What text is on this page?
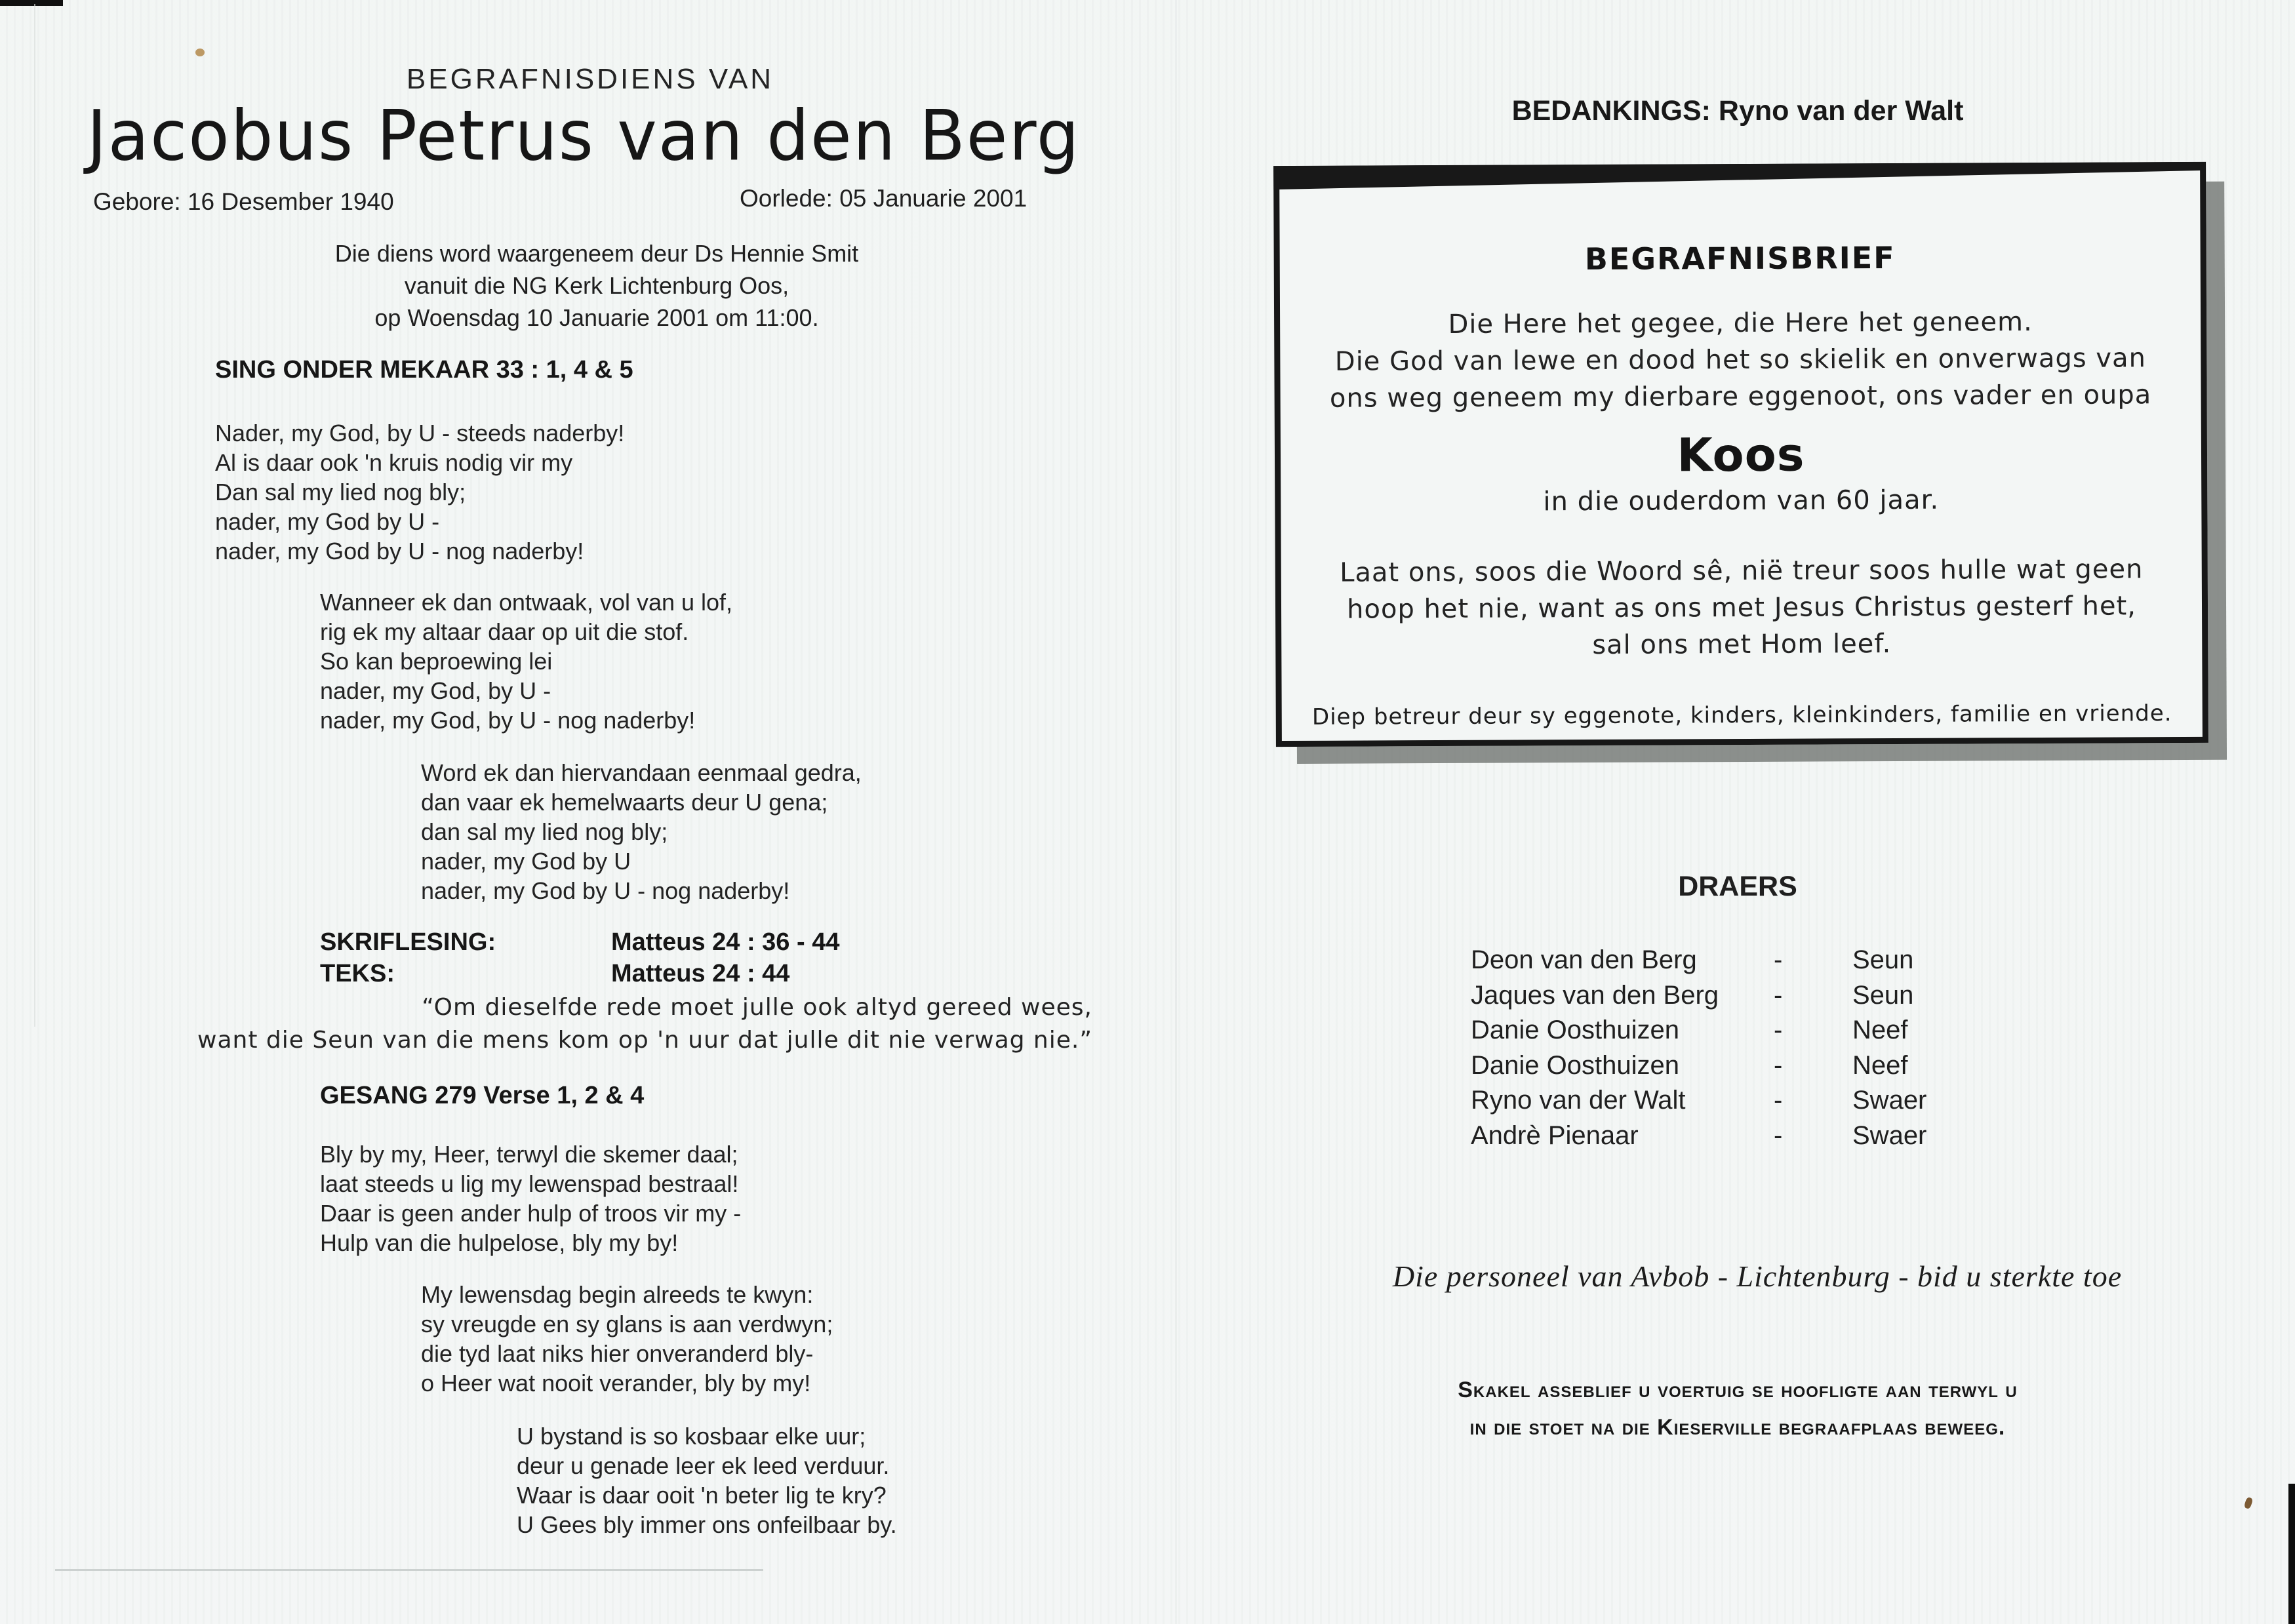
BEGRAFNISDIENS VAN
Jacobus Petrus van den Berg
Gebore: 16 Desember 1940	Oorlede: 05 Januarie 2001
Die diens word waargeneem deur Ds Hennie Smit
vanuit die NG Kerk Lichtenburg Oos,
op Woensdag 10 Januarie 2001 om 11:00.
SING ONDER MEKAAR 33 : 1, 4 & 5
Nader, my God, by U - steeds naderby!
Al is daar ook 'n kruis nodig vir my
Dan sal my lied nog bly;
nader, my God by U -
nader, my God by U - nog naderby!
Wanneer ek dan ontwaak, vol van u lof,
rig ek my altaar daar op uit die stof.
So kan beproewing lei
nader, my God, by U -
nader, my God, by U - nog naderby!
Word ek dan hiervandaan eenmaal gedra,
dan vaar ek hemelwaarts deur U gena;
dan sal my lied nog bly;
nader, my God by U
nader, my God by U - nog naderby!
SKRIFLESING:	Matteus 24 : 36 - 44
TEKS:	Matteus 24 : 44
“Om dieselfde rede moet julle ook altyd gereed wees,
want die Seun van die mens kom op 'n uur dat julle dit nie verwag nie.”
GESANG 279 Verse 1, 2 & 4
Bly by my, Heer, terwyl die skemer daal;
laat steeds u lig my lewenspad bestraal!
Daar is geen ander hulp of troos vir my -
Hulp van die hulpelose, bly my by!
My lewensdag begin alreeds te kwyn:
sy vreugde en sy glans is aan verdwyn;
die tyd laat niks hier onveranderd bly-
o Heer wat nooit verander, bly by my!
U bystand is so kosbaar elke uur;
deur u genade leer ek leed verduur.
Waar is daar ooit 'n beter lig te kry?
U Gees bly immer ons onfeilbaar by.
BEDANKINGS: Ryno van der Walt
BEGRAFNISBRIEF
Die Here het gegee, die Here het geneem.
Die God van lewe en dood het so skielik en onverwags van
ons weg geneem my dierbare eggenoot, ons vader en oupa
Koos
in die ouderdom van 60 jaar.
Laat ons, soos die Woord sê, nië treur soos hulle wat geen
hoop het nie, want as ons met Jesus Christus gesterf het,
sal ons met Hom leef.
Diep betreur deur sy eggenote, kinders, kleinkinders, familie en vriende.
DRAERS
Deon van den Berg	-	Seun
Jaques van den Berg	-	Seun
Danie Oosthuizen	-	Neef
Danie Oosthuizen	-	Neef
Ryno van der Walt	-	Swaer
Andrè Pienaar	-	Swaer
Die personeel van Avbob - Lichtenburg - bid u sterkte toe
Skakel asseblief u voertuig se hoofligte aan terwyl u
in die stoet na die Kieserville begraafplaas beweeg.
